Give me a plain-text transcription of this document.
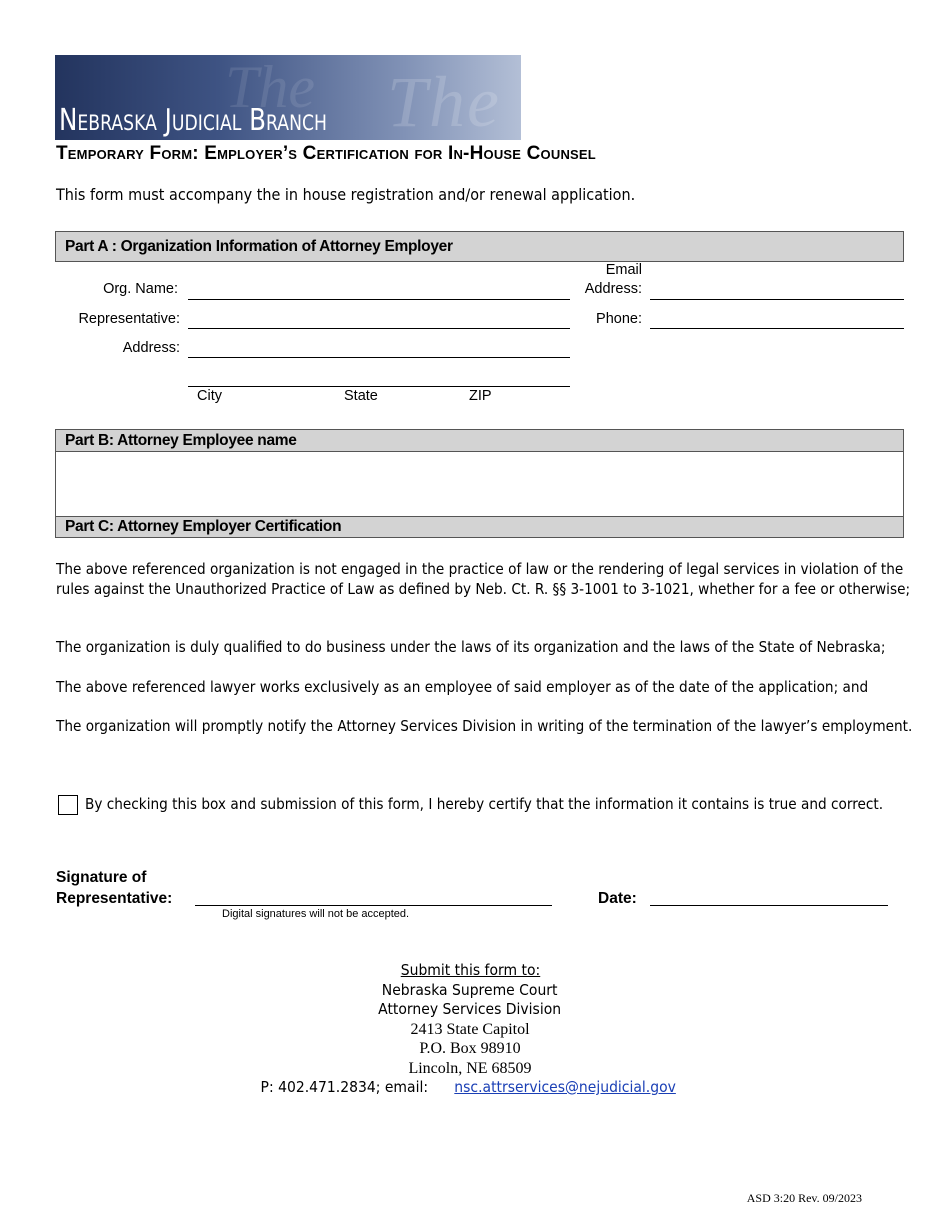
The The
Nebraska Judicial Branch
Temporary Form: Employer’s Certification for In-House Counsel
This form must accompany the in house registration and/or renewal application.
Part A : Organization Information of Attorney Employer
Org. Name:
Representative:
Address:
City	State	ZIP
Email
Address:
Phone:
Part B: Attorney Employee name
Part C: Attorney Employer Certification
The above referenced organization is not engaged in the practice of law or the rendering of legal services in violation of the rules against the Unauthorized Practice of Law as defined by Neb. Ct. R. §§ 3-1001 to 3-1021, whether for a fee or otherwise;
The organization is duly qualified to do business under the laws of its organization and the laws of the State of Nebraska;
The above referenced lawyer works exclusively as an employee of said employer as of the date of the application; and
The organization will promptly notify the Attorney Services Division in writing of the termination of the lawyer’s employment.
By checking this box and submission of this form, I hereby certify that the information it contains is true and correct.
Signature of
Representative:
Digital signatures will not be accepted.
Date:
Submit this form to:
Nebraska Supreme Court
Attorney Services Division
2413 State Capitol
P.O. Box 98910
Lincoln, NE 68509
P: 402.471.2834; email: nsc.attrservices@nejudicial.gov
ASD 3:20 Rev. 09/2023
